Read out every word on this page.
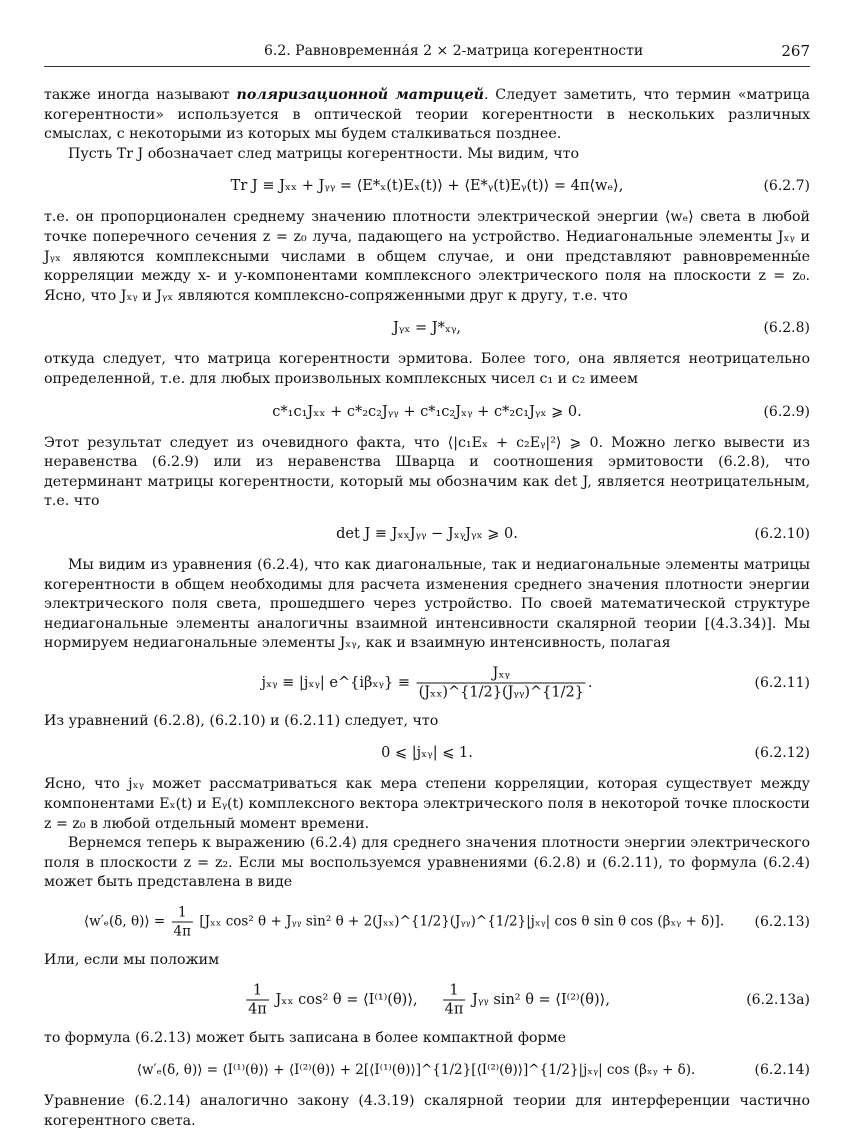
6.2. Равновременна́я 2 × 2-матрица когерентности	267

также иногда называют поляризационной матрицей. Следует заметить, что термин «матрица когерентности» используется в оптической теории когерентности в нескольких различных смыслах, с некоторыми из которых мы будем сталкиваться позднее.

Пусть Tr J обозначает след матрицы когерентности. Мы видим, что

Tr J ≡ Jₓₓ + Jᵧᵧ = ⟨E*ₓ(t)Eₓ(t)⟩ + ⟨E*ᵧ(t)Eᵧ(t)⟩ = 4π⟨wₑ⟩,	(6.2.7)

т.е. он пропорционален среднему значению плотности электрической энергии ⟨wₑ⟩ света в любой точке поперечного сечения z = z₀ луча, падающего на устройство. Недиагональные элементы Jₓᵧ и Jᵧₓ являются комплексными числами в общем случае, и они представляют равновременны́е корреляции между x- и y-компонентами комплексного электрического поля на плоскости z = z₀. Ясно, что Jₓᵧ и Jᵧₓ являются комплексно-сопряженными друг к другу, т.е. что

Jᵧₓ = J*ₓᵧ,	(6.2.8)

откуда следует, что матрица когерентности эрмитова. Более того, она является неотрицательно определенной, т.е. для любых произвольных комплексных чисел c₁ и c₂ имеем

c*₁c₁Jₓₓ + c*₂c₂Jᵧᵧ + c*₁c₂Jₓᵧ + c*₂c₁Jᵧₓ ⩾ 0.	(6.2.9)

Этот результат следует из очевидного факта, что ⟨|c₁Eₓ + c₂Eᵧ|²⟩ ⩾ 0. Можно легко вывести из неравенства (6.2.9) или из неравенства Шварца и соотношения эрмитовости (6.2.8), что детерминант матрицы когерентности, который мы обозначим как det J, является неотрицательным, т.е. что

det J ≡ JₓₓJᵧᵧ − JₓᵧJᵧₓ ⩾ 0.	(6.2.10)

Мы видим из уравнения (6.2.4), что как диагональные, так и недиагональные элементы матрицы когерентности в общем необходимы для расчета изменения среднего значения плотности энергии электрического поля света, прошедшего через устройство. По своей математической структуре недиагональные элементы аналогичны взаимной интенсивности скалярной теории [(4.3.34)]. Мы нормируем недиагональные элементы Jₓᵧ, как и взаимную интенсивность, полагая

jₓᵧ ≡ |jₓᵧ| e^{iβₓᵧ} ≡ $\frac{\text{Jₓᵧ}}{\text{(Jₓₓ)\textasciicircum{}\{1/2\}(Jᵧᵧ)\textasciicircum{}\{1/2\}}}$ .	(6.2.11)

Из уравнений (6.2.8), (6.2.10) и (6.2.11) следует, что

0 ⩽ |jₓᵧ| ⩽ 1.	(6.2.12)

Ясно, что jₓᵧ может рассматриваться как мера степени корреляции, которая существует между компонентами Eₓ(t) и Eᵧ(t) комплексного вектора электрического поля в некоторой точке плоскости z = z₀ в любой отдельный момент времени.

Вернемся теперь к выражению (6.2.4) для среднего значения плотности энергии электрического поля в плоскости z = z₂. Если мы воспользуемся уравнениями (6.2.8) и (6.2.11), то формула (6.2.4) может быть представлена в виде

⟨w′ₑ(δ, θ)⟩ = $\frac{1}{4\pi} [J_{xx}$ cos² θ + Jᵧᵧ sin² θ + 2(Jₓₓ)^{1/2}(Jᵧᵧ)^{1/2}|jₓᵧ| cos θ sin θ cos (βₓᵧ + δ)]. (6.2.13)

Или, если мы положим

$\frac{1}{4\pi}$ Jₓₓ cos² θ = ⟨I⁽¹⁾(θ)⟩, $\frac{1}{4\pi}$ Jᵧᵧ sin² θ = ⟨I⁽²⁾(θ)⟩,	(6.2.13a)

то формула (6.2.13) может быть записана в более компактной форме

⟨w′ₑ(δ, θ)⟩ = ⟨I⁽¹⁾(θ)⟩ + ⟨I⁽²⁾(θ)⟩ + 2[⟨I⁽¹⁾(θ)⟩]^{1/2}[⟨I⁽²⁾(θ)⟩]^{1/2}|jₓᵧ| cos (βₓᵧ + δ).	(6.2.14)

Уравнение (6.2.14) аналогично закону (4.3.19) скалярной теории для интерференции частично когерентного света.
